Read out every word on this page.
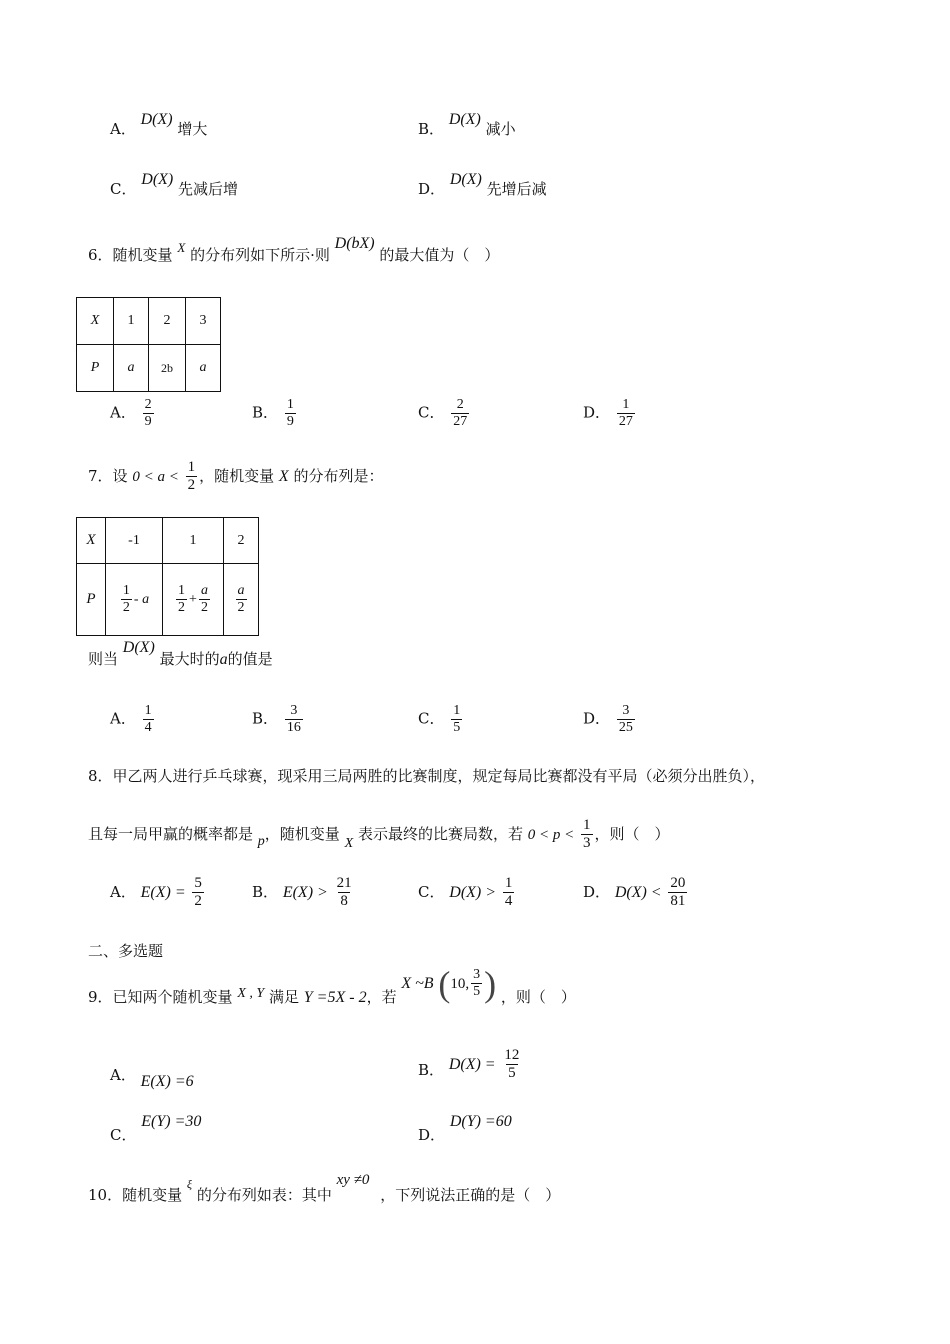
A． D(X) 增大	B． D(X) 减小
C． D(X) 先减后增	D． D(X) 先增后减
6．随机变量 X 的分布列如下所示·则 D(bX) 的最大值为（　）
X	1	2	3
P	a	2b	a
A． $\frac{2}{9}$	B． $\frac{1}{9}$	C． $\frac{2}{27}$	D． $\frac{1}{27}$
7．设 $0 < a < \frac{1}{2}$ ，随机变量 X 的分布列是：
X	-1	1	2
P	$\frac{1}{2}$ - a	$\frac{1}{2} + \frac{a}{2}$	$\frac{a}{2}$
则当 D(X) 最大时的a的值是
A． $\frac{1}{4}$	B． $\frac{3}{16}$	C． $\frac{1}{5}$	D． $\frac{3}{25}$
8．甲乙两人进行乒乓球赛，现采用三局两胜的比赛制度，规定每局比赛都没有平局（必须分出胜负），
且每一局甲赢的概率都是 p，随机变量 X 表示最终的比赛局数，若 $0 < p < \frac{1}{3}$ ，则（　）
A． $E(X) = \frac{5}{2}$	B． $E(X) > \frac{21}{8}$	C． $D(X) > \frac{1}{4}$	D． $D(X) < \frac{20}{81}$
二、多选题
9．已知两个随机变量 X , Y 满足 Y =5X - 2，若 X ~B ( 10, $\frac{3}{5}$ ) ，则（　）
A． E(X) =6
B． $D(X) = \frac{12}{5}$
C． E(Y) =30
D． D(Y) =60
10．随机变量 $^\xi$ 的分布列如表：其中 xy ≠0 ，下列说法正确的是（　）
